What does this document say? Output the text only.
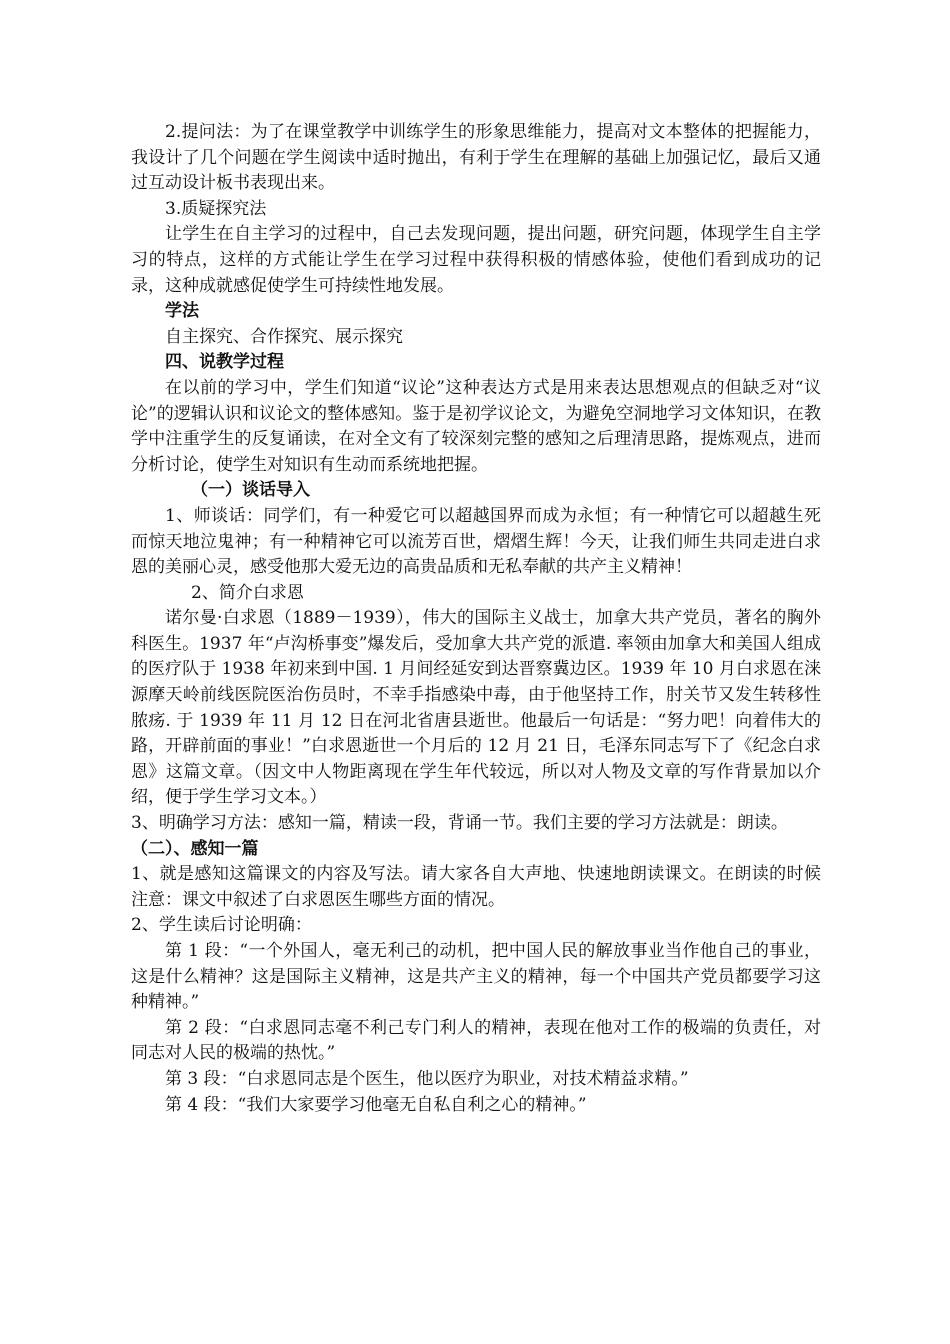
2.提问法：为了在课堂教学中训练学生的形象思维能力，提高对文本整体的把握能力，我设计了几个问题在学生阅读中适时抛出，有利于学生在理解的基础上加强记忆，最后又通过互动设计板书表现出来。

3.质疑探究法

让学生在自主学习的过程中，自己去发现问题，提出问题，研究问题，体现学生自主学习的特点，这样的方式能让学生在学习过程中获得积极的情感体验，使他们看到成功的记录，这种成就感促使学生可持续性地发展。

学法

自主探究、合作探究、展示探究

四、说教学过程

在以前的学习中，学生们知道“议论”这种表达方式是用来表达思想观点的但缺乏对“议论”的逻辑认识和议论文的整体感知。鉴于是初学议论文，为避免空洞地学习文体知识，在教学中注重学生的反复诵读，在对全文有了较深刻完整的感知之后理清思路，提炼观点，进而分析讨论，使学生对知识有生动而系统地把握。

（一）谈话导入

1、师谈话：同学们，有一种爱它可以超越国界而成为永恒；有一种情它可以超越生死而惊天地泣鬼神；有一种精神它可以流芳百世，熠熠生辉！今天，让我们师生共同走进白求恩的美丽心灵，感受他那大爱无边的高贵品质和无私奉献的共产主义精神！

2、简介白求恩

诺尔曼·白求恩（1889－1939），伟大的国际主义战士，加拿大共产党员，著名的胸外科医生。1937 年“卢沟桥事变”爆发后，受加拿大共产党的派遣. 率领由加拿大和美国人组成的医疗队于 1938 年初来到中国. 1 月间经延安到达晋察冀边区。1939 年 10 月白求恩在涞源摩天岭前线医院医治伤员时，不幸手指感染中毒，由于他坚持工作，肘关节又发生转移性脓疡. 于 1939 年 11 月 12 日在河北省唐县逝世。他最后一句话是：“努力吧！向着伟大的路，开辟前面的事业！”白求恩逝世一个月后的 12 月 21 日，毛泽东同志写下了《纪念白求恩》这篇文章。（因文中人物距离现在学生年代较远，所以对人物及文章的写作背景加以介绍，便于学生学习文本。）

3、明确学习方法：感知一篇，精读一段，背诵一节。我们主要的学习方法就是：朗读。

（二）、感知一篇

1、就是感知这篇课文的内容及写法。请大家各自大声地、快速地朗读课文。在朗读的时候注意：课文中叙述了白求恩医生哪些方面的情况。

2、学生读后讨论明确：

第 1 段：“一个外国人，毫无利己的动机，把中国人民的解放事业当作他自己的事业，这是什么精神？这是国际主义精神，这是共产主义的精神，每一个中国共产党员都要学习这种精神。”

第 2 段：“白求恩同志毫不利己专门利人的精神，表现在他对工作的极端的负责任，对同志对人民的极端的热忱。”

第 3 段：“白求恩同志是个医生，他以医疗为职业，对技术精益求精。”

第 4 段：“我们大家要学习他毫无自私自利之心的精神。”
